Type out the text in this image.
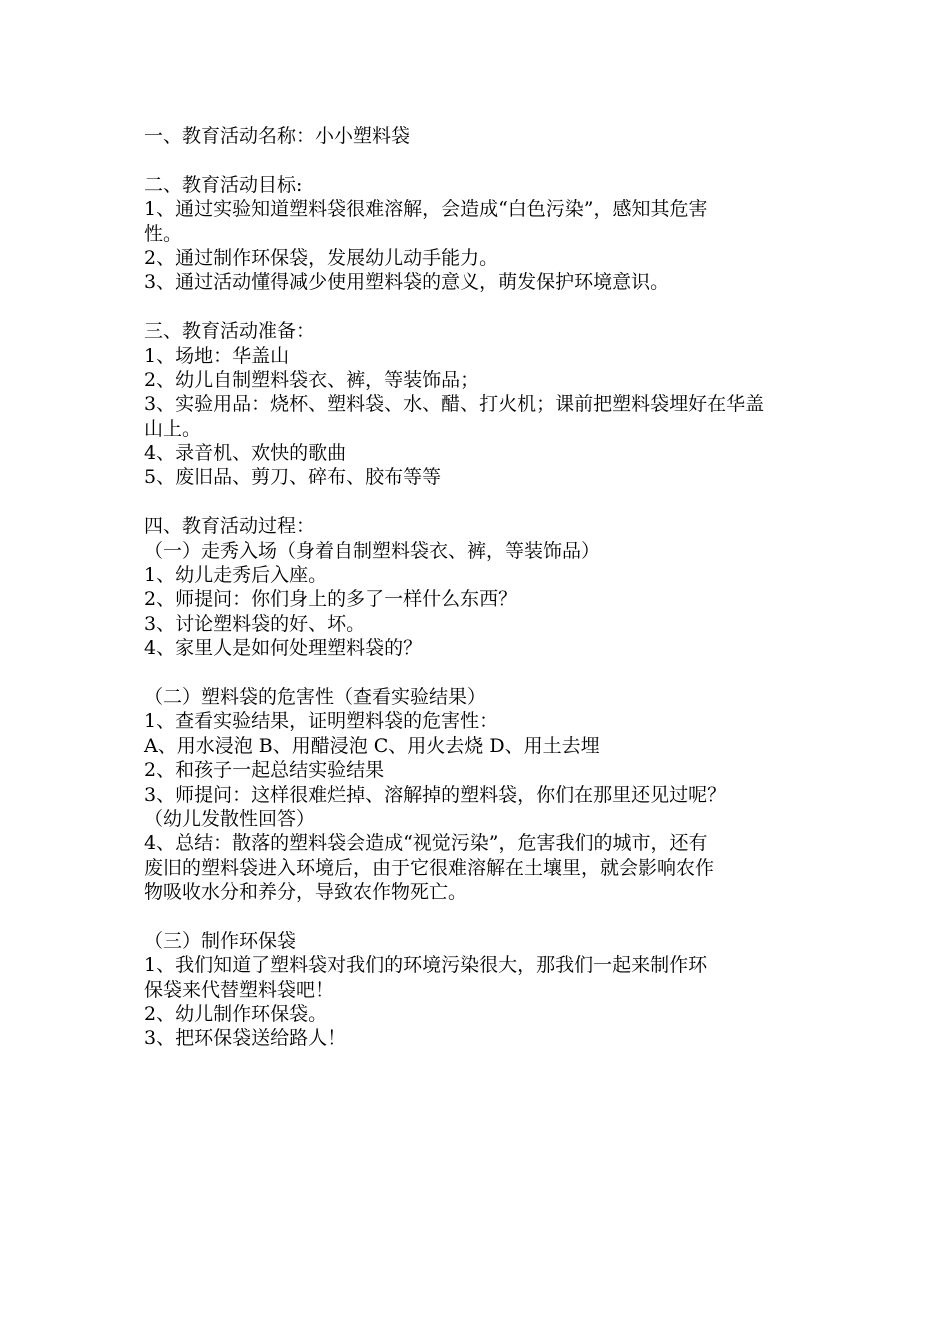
一、教育活动名称：小小塑料袋
二、教育活动目标:
1、通过实验知道塑料袋很难溶解，会造成“白色污染”，感知其危害
性。
2、通过制作环保袋，发展幼儿动手能力。
3、通过活动懂得减少使用塑料袋的意义，萌发保护环境意识。
三、教育活动准备：
1、场地：华盖山
2、幼儿自制塑料袋衣、裤，等装饰品；
3、实验用品：烧杯、塑料袋、水、醋、打火机；课前把塑料袋埋好在华盖
山上。
4、录音机、欢快的歌曲
5、废旧品、剪刀、碎布、胶布等等
四、教育活动过程：
（一）走秀入场（身着自制塑料袋衣、裤，等装饰品）
1、幼儿走秀后入座。
2、师提问：你们身上的多了一样什么东西？
3、讨论塑料袋的好、坏。
4、家里人是如何处理塑料袋的？
（二）塑料袋的危害性（查看实验结果）
1、查看实验结果，证明塑料袋的危害性：
A、用水浸泡 B、用醋浸泡 C、用火去烧 D、用土去埋
2、和孩子一起总结实验结果
3、师提问：这样很难烂掉、溶解掉的塑料袋，你们在那里还见过呢？
（幼儿发散性回答）
4、总结：散落的塑料袋会造成“视觉污染”，危害我们的城市，还有
废旧的塑料袋进入环境后，由于它很难溶解在土壤里，就会影响农作
物吸收水分和养分，导致农作物死亡。
（三）制作环保袋
1、我们知道了塑料袋对我们的环境污染很大，那我们一起来制作环
保袋来代替塑料袋吧！
2、幼儿制作环保袋。
3、把环保袋送给路人！
